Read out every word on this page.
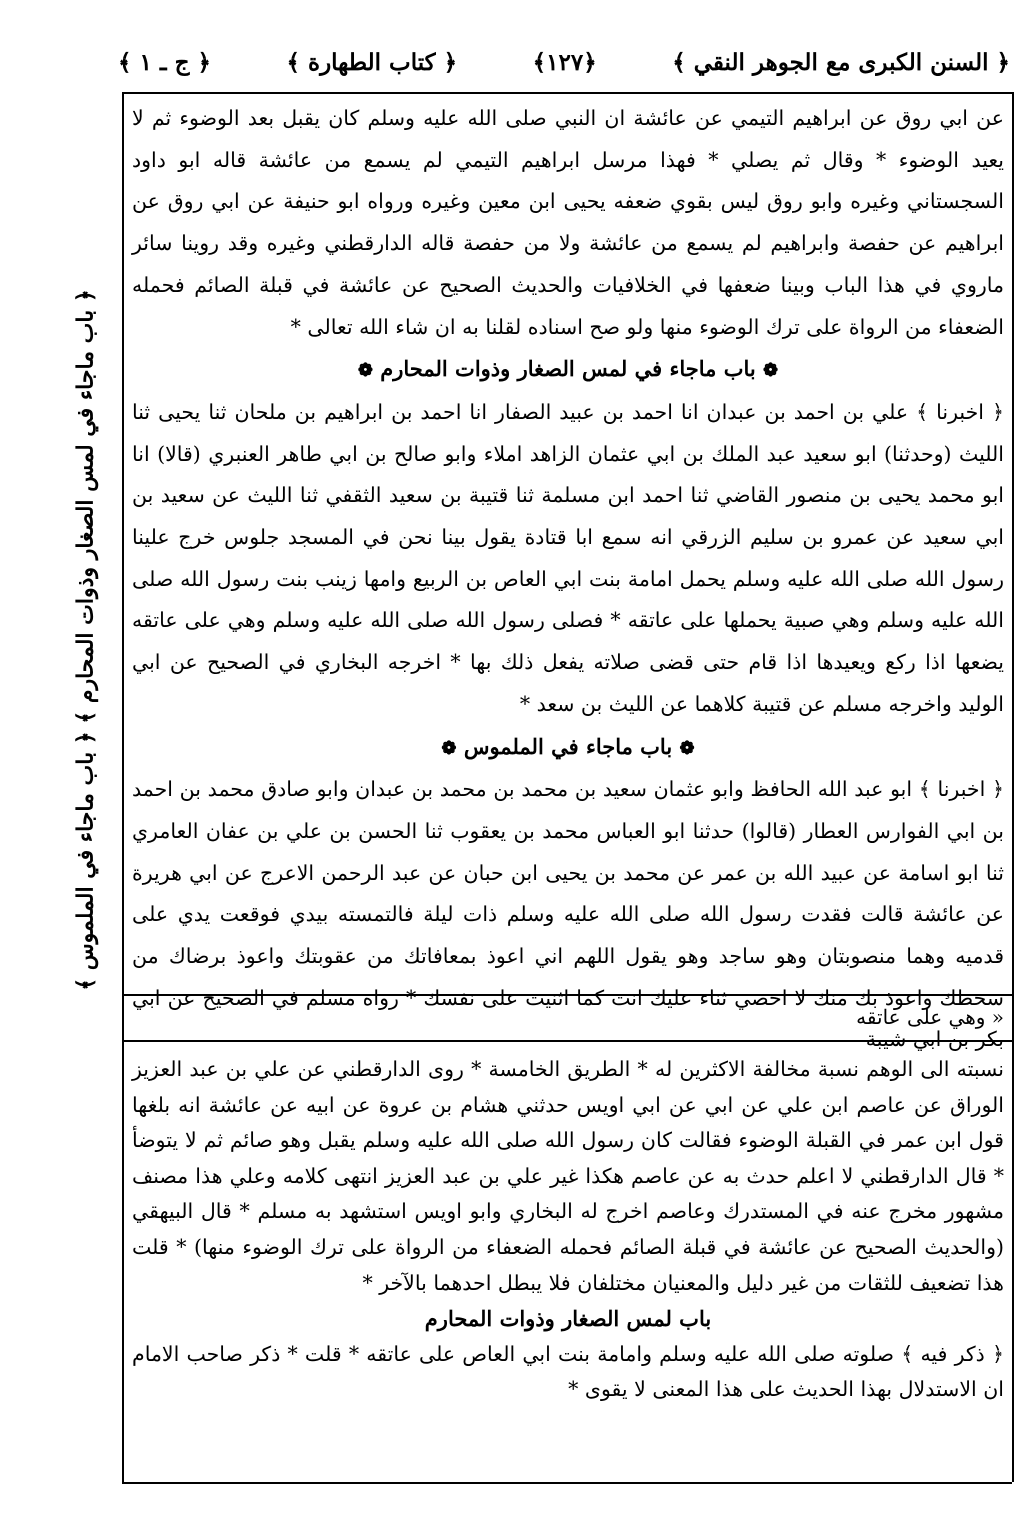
﴿ السنن الكبرى مع الجوهر النقي ﴾
﴿١٢٧﴾
﴿ كتاب الطهارة ﴾
﴿ ج ـ ١ ﴾
﴿ باب ماجاء في لمس الصغار وذوات المحارم ﴾ ﴿ باب ماجاء في الملموس ﴾

عن ابي روق عن ابراهيم التيمي عن عائشة ان النبي صلى الله عليه وسلم كان يقبل بعد الوضوء ثم لا يعيد الوضوء * وقال ثم يصلي * فهذا مرسل ابراهيم التيمي لم يسمع من عائشة قاله ابو داود السجستاني وغيره وابو روق ليس بقوي ضعفه يحيى ابن معين وغيره ورواه ابو حنيفة عن ابي روق عن ابراهيم عن حفصة وابراهيم لم يسمع من عائشة ولا من حفصة قاله الدارقطني وغيره وقد روينا سائر ماروي في هذا الباب وبينا ضعفها في الخلافيات والحديث الصحيح عن عائشة في قبلة الصائم فحمله الضعفاء من الرواة على ترك الوضوء منها ولو صح اسناده لقلنا به ان شاء الله تعالى *

❁ باب ماجاء في لمس الصغار وذوات المحارم ❁

﴿ اخبرنا ﴾ علي بن احمد بن عبدان انا احمد بن عبيد الصفار انا احمد بن ابراهيم بن ملحان ثنا يحيى ثنا الليث (وحدثنا) ابو سعيد عبد الملك بن ابي عثمان الزاهد املاء وابو صالح بن ابي طاهر العنبري (قالا) انا ابو محمد يحيى بن منصور القاضي ثنا احمد ابن مسلمة ثنا قتيبة بن سعيد الثقفي ثنا الليث عن سعيد بن ابي سعيد عن عمرو بن سليم الزرقي انه سمع ابا قتادة يقول بينا نحن في المسجد جلوس خرج علينا رسول الله صلى الله عليه وسلم يحمل امامة بنت ابي العاص بن الربيع وامها زينب بنت رسول الله صلى الله عليه وسلم وهي صبية يحملها على عاتقه * فصلى رسول الله صلى الله عليه وسلم وهي على عاتقه يضعها اذا ركع ويعيدها اذا قام حتى قضى صلاته يفعل ذلك بها * اخرجه البخاري في الصحيح عن ابي الوليد واخرجه مسلم عن قتيبة كلاهما عن الليث بن سعد *

❁ باب ماجاء في الملموس ❁

﴿ اخبرنا ﴾ ابو عبد الله الحافظ وابو عثمان سعيد بن محمد بن محمد بن عبدان وابو صادق محمد بن احمد بن ابي الفوارس العطار (قالوا) حدثنا ابو العباس محمد بن يعقوب ثنا الحسن بن علي بن عفان العامري ثنا ابو اسامة عن عبيد الله بن عمر عن محمد بن يحيى ابن حبان عن عبد الرحمن الاعرج عن ابي هريرة عن عائشة قالت فقدت رسول الله صلى الله عليه وسلم ذات ليلة فالتمسته بيدي فوقعت يدي على قدميه وهما منصوبتان وهو ساجد وهو يقول اللهم اني اعوذ بمعافاتك من عقوبتك واعوذ برضاك من سخطك واعوذ بك منك لا احصي ثناء عليك انت كما اثنيت على نفسك * رواه مسلم في الصحيح عن ابي بكر بن ابي شيبة

« وهي على عاتقه

نسبته الى الوهم نسبة مخالفة الاكثرين له * الطريق الخامسة * روى الدارقطني عن علي بن عبد العزيز الوراق عن عاصم ابن علي عن ابي عن ابي اويس حدثني هشام بن عروة عن ابيه عن عائشة انه بلغها قول ابن عمر في القبلة الوضوء فقالت كان رسول الله صلى الله عليه وسلم يقبل وهو صائم ثم لا يتوضأ * قال الدارقطني لا اعلم حدث به عن عاصم هكذا غير علي بن عبد العزيز انتهى كلامه وعلي هذا مصنف مشهور مخرج عنه في المستدرك وعاصم اخرج له البخاري وابو اويس استشهد به مسلم * قال البيهقي (والحديث الصحيح عن عائشة في قبلة الصائم فحمله الضعفاء من الرواة على ترك الوضوء منها) * قلت هذا تضعيف للثقات من غير دليل والمعنيان مختلفان فلا يبطل احدهما بالآخر *

باب لمس الصغار وذوات المحارم

﴿ ذكر فيه ﴾ صلوته صلى الله عليه وسلم وامامة بنت ابي العاص على عاتقه * قلت * ذكر صاحب الامام ان الاستدلال بهذا الحديث على هذا المعنى لا يقوى *
